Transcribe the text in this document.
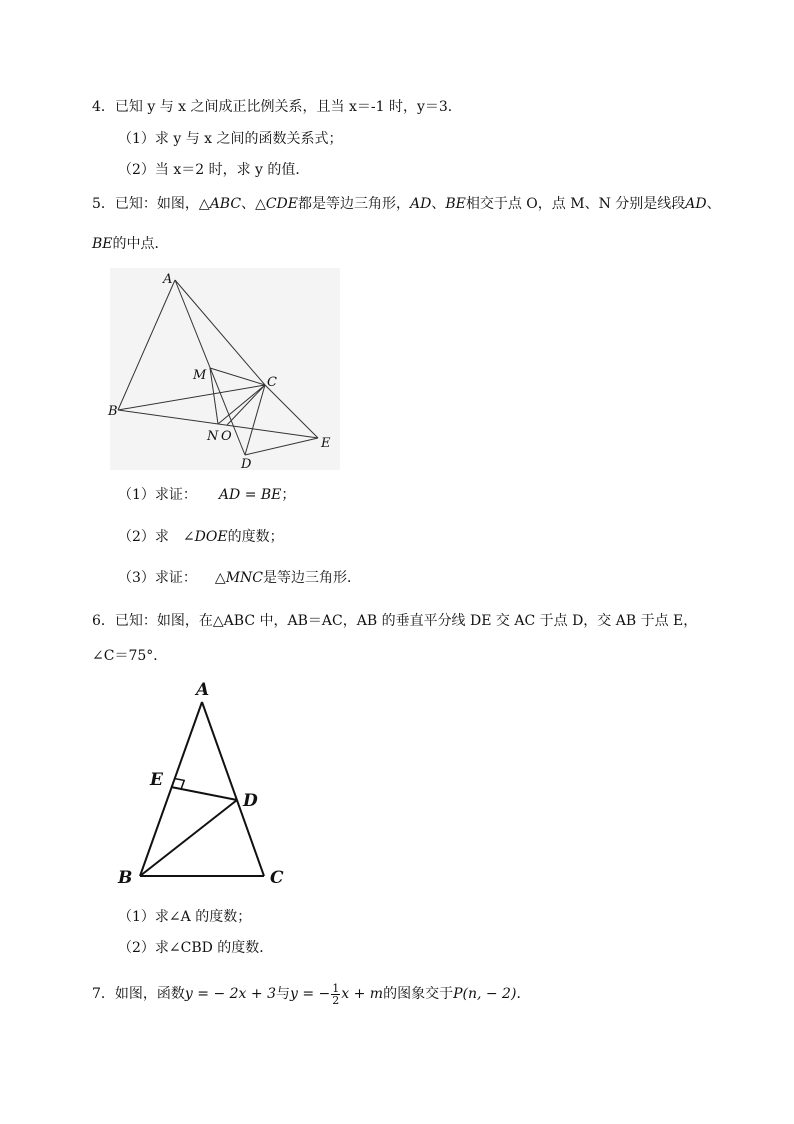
4．已知 y 与 x 之间成正比例关系，且当 x＝-1 时，y＝3．
（1）求 y 与 x 之间的函数关系式；
（2）当 x＝2 时，求 y 的值．
5．已知：如图，△ABC、△CDE都是等边三角形，AD、BE相交于点 O，点 M、N 分别是线段AD、
BE的中点．
A
B
C
D
E
M
N O
（1）求证： AD = BE；
（2）求 ∠DOE的度数；
（3）求证： △MNC是等边三角形．
6．已知：如图，在△ABC 中，AB＝AC，AB 的垂直平分线 DE 交 AC 于点 D，交 AB 于点 E，
∠C＝75°．
A
B	C
D
E
（1）求∠A 的度数；
（2）求∠CBD 的度数．
7．如图，函数y = − 2x + 3与y = − $\frac{1}{2}$ x + m的图象交于P(n, − 2)．
